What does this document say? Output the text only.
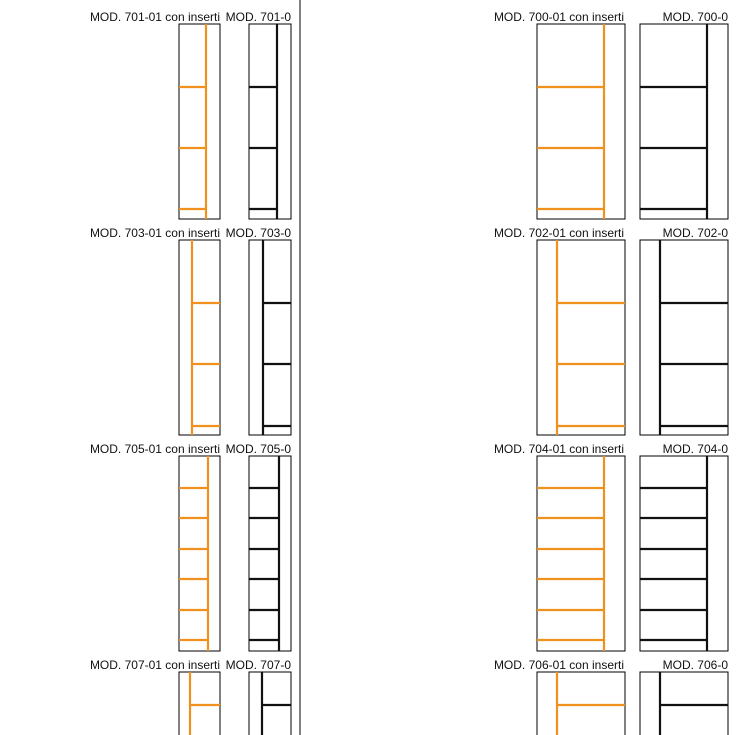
MOD. 701-01 con inserti MOD. 701-0	MOD. 700-01 con inserti	MOD. 700-0
MOD. 703-01 con inserti MOD. 703-0	MOD. 702-01 con inserti	MOD. 702-0
MOD. 705-01 con inserti MOD. 705-0	MOD. 704-01 con inserti	MOD. 704-0
MOD. 707-01 con inserti MOD. 707-0	MOD. 706-01 con inserti	MOD. 706-0
